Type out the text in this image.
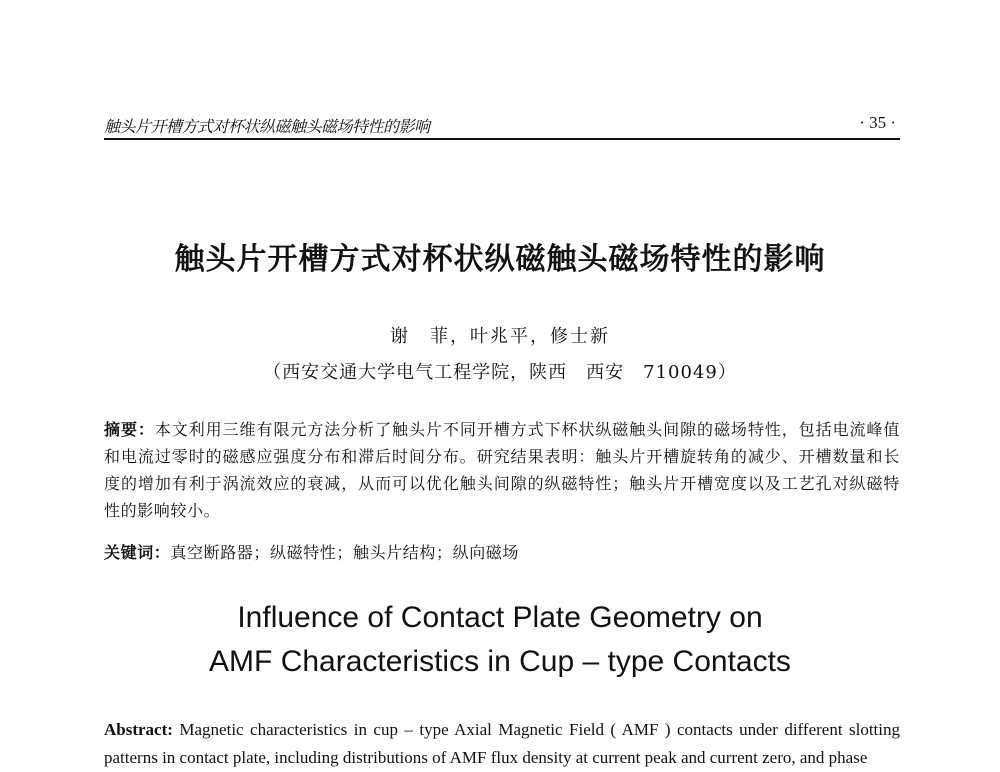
触头片开槽方式对杯状纵磁触头磁场特性的影响	· 35 ·
触头片开槽方式对杯状纵磁触头磁场特性的影响
谢　菲，叶兆平，修士新
（西安交通大学电气工程学院，陕西　西安　710049）
摘要：本文利用三维有限元方法分析了触头片不同开槽方式下杯状纵磁触头间隙的磁场特性，包括电流峰值和电流过零时的磁感应强度分布和滞后时间分布。研究结果表明：触头片开槽旋转角的减少、开槽数量和长度的增加有利于涡流效应的衰减，从而可以优化触头间隙的纵磁特性；触头片开槽宽度以及工艺孔对纵磁特性的影响较小。
关键词：真空断路器；纵磁特性；触头片结构；纵向磁场
Influence of Contact Plate Geometry on
AMF Characteristics in Cup – type Contacts
Abstract: Magnetic characteristics in cup – type Axial Magnetic Field ( AMF ) contacts under different slotting patterns in contact plate, including distributions of AMF flux density at current peak and current zero, and phase
